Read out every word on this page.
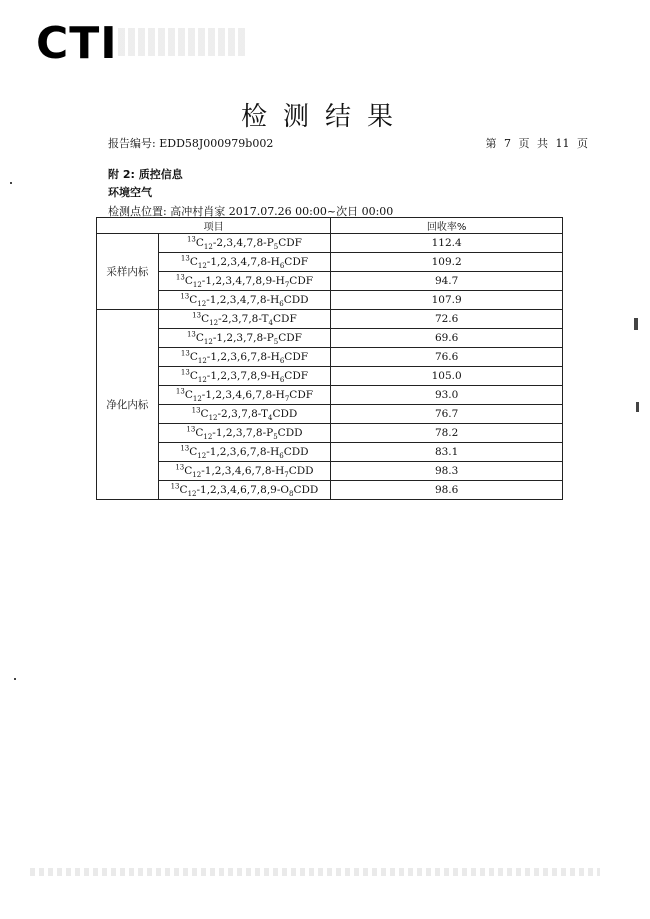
CTI
检测结果
报告编号: EDD58J000979b002	第 7 页 共 11 页
附 2: 质控信息
环境空气
检测点位置: 高冲村肖家 2017.07.26 00:00~次日 00:00
项目		回收率%
采样内标	$^{13}C_{12}-2,3,4,7,8-P_5CDF$	112.4
	$^{13}C_{12}-1,2,3,4,7,8-H_6CDF$	109.2
	$^{13}C_{12}-1,2,3,4,7,8,9-H_7CDF$	94.7
	$^{13}C_{12}-1,2,3,4,7,8-H_6CDD$	107.9
净化内标	$^{13}C_{12}-2,3,7,8-T_4CDF$	72.6
	$^{13}C_{12}-1,2,3,7,8-P_5CDF$	69.6
	$^{13}C_{12}-1,2,3,6,7,8-H_6CDF$	76.6
	$^{13}C_{12}-1,2,3,7,8,9-H_6CDF$	105.0
	$^{13}C_{12}-1,2,3,4,6,7,8-H_7CDF$	93.0
	$^{13}C_{12}-2,3,7,8-T_4CDD$	76.7
	$^{13}C_{12}-1,2,3,7,8-P_5CDD$	78.2
	$^{13}C_{12}-1,2,3,6,7,8-H_6CDD$	83.1
	$^{13}C_{12}-1,2,3,4,6,7,8-H_7CDD$	98.3
	$^{13}C_{12}-1,2,3,4,6,7,8,9-O_8CDD$	98.6
